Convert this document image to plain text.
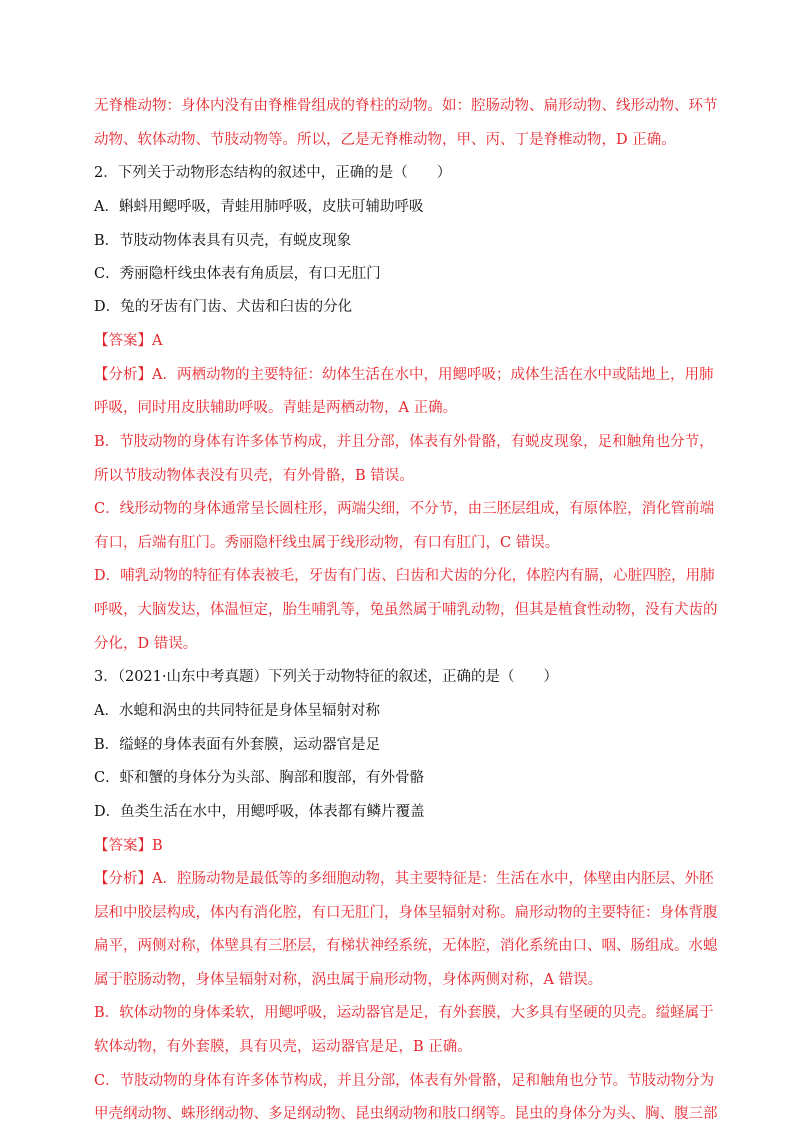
无脊椎动物：身体内没有由脊椎骨组成的脊柱的动物。如：腔肠动物、扁形动物、线形动物、环节
动物、软体动物、节肢动物等。所以，乙是无脊椎动物，甲、丙、丁是脊椎动物，D 正确。
2．下列关于动物形态结构的叙述中，正确的是（　　）
A．蝌蚪用鳃呼吸，青蛙用肺呼吸，皮肤可辅助呼吸
B．节肢动物体表具有贝壳，有蜕皮现象
C．秀丽隐杆线虫体表有角质层，有口无肛门
D．兔的牙齿有门齿、犬齿和臼齿的分化
【答案】A
【分析】A．两栖动物的主要特征：幼体生活在水中，用鳃呼吸；成体生活在水中或陆地上，用肺
呼吸，同时用皮肤辅助呼吸。青蛙是两栖动物，A 正确。
B．节肢动物的身体有许多体节构成，并且分部，体表有外骨骼，有蜕皮现象，足和触角也分节，
所以节肢动物体表没有贝壳，有外骨骼，B 错误。
C．线形动物的身体通常呈长圆柱形，两端尖细，不分节，由三胚层组成，有原体腔，消化管前端
有口，后端有肛门。秀丽隐杆线虫属于线形动物，有口有肛门，C 错误。
D．哺乳动物的特征有体表被毛，牙齿有门齿、臼齿和犬齿的分化，体腔内有膈，心脏四腔，用肺
呼吸，大脑发达，体温恒定，胎生哺乳等，兔虽然属于哺乳动物，但其是植食性动物，没有犬齿的
分化，D 错误。
3．（2021·山东中考真题）下列关于动物特征的叙述，正确的是（　　）
A．水螅和涡虫的共同特征是身体呈辐射对称
B．缢蛏的身体表面有外套膜，运动器官是足
C．虾和蟹的身体分为头部、胸部和腹部，有外骨骼
D．鱼类生活在水中，用鳃呼吸，体表都有鳞片覆盖
【答案】B
【分析】A．腔肠动物是最低等的多细胞动物，其主要特征是：生活在水中，体壁由内胚层、外胚
层和中胶层构成，体内有消化腔，有口无肛门，身体呈辐射对称。扁形动物的主要特征：身体背腹
扁平，两侧对称，体壁具有三胚层，有梯状神经系统，无体腔，消化系统由口、咽、肠组成。水螅
属于腔肠动物，身体呈辐射对称，涡虫属于扁形动物，身体两侧对称，A 错误。
B．软体动物的身体柔软，用鳃呼吸，运动器官是足，有外套膜，大多具有坚硬的贝壳。缢蛏属于
软体动物，有外套膜，具有贝壳，运动器官是足，B 正确。
C．节肢动物的身体有许多体节构成，并且分部，体表有外骨骼，足和触角也分节。节肢动物分为
甲壳纲动物、蛛形纲动物、多足纲动物、昆虫纲动物和肢口纲等。昆虫的身体分为头、胸、腹三部
